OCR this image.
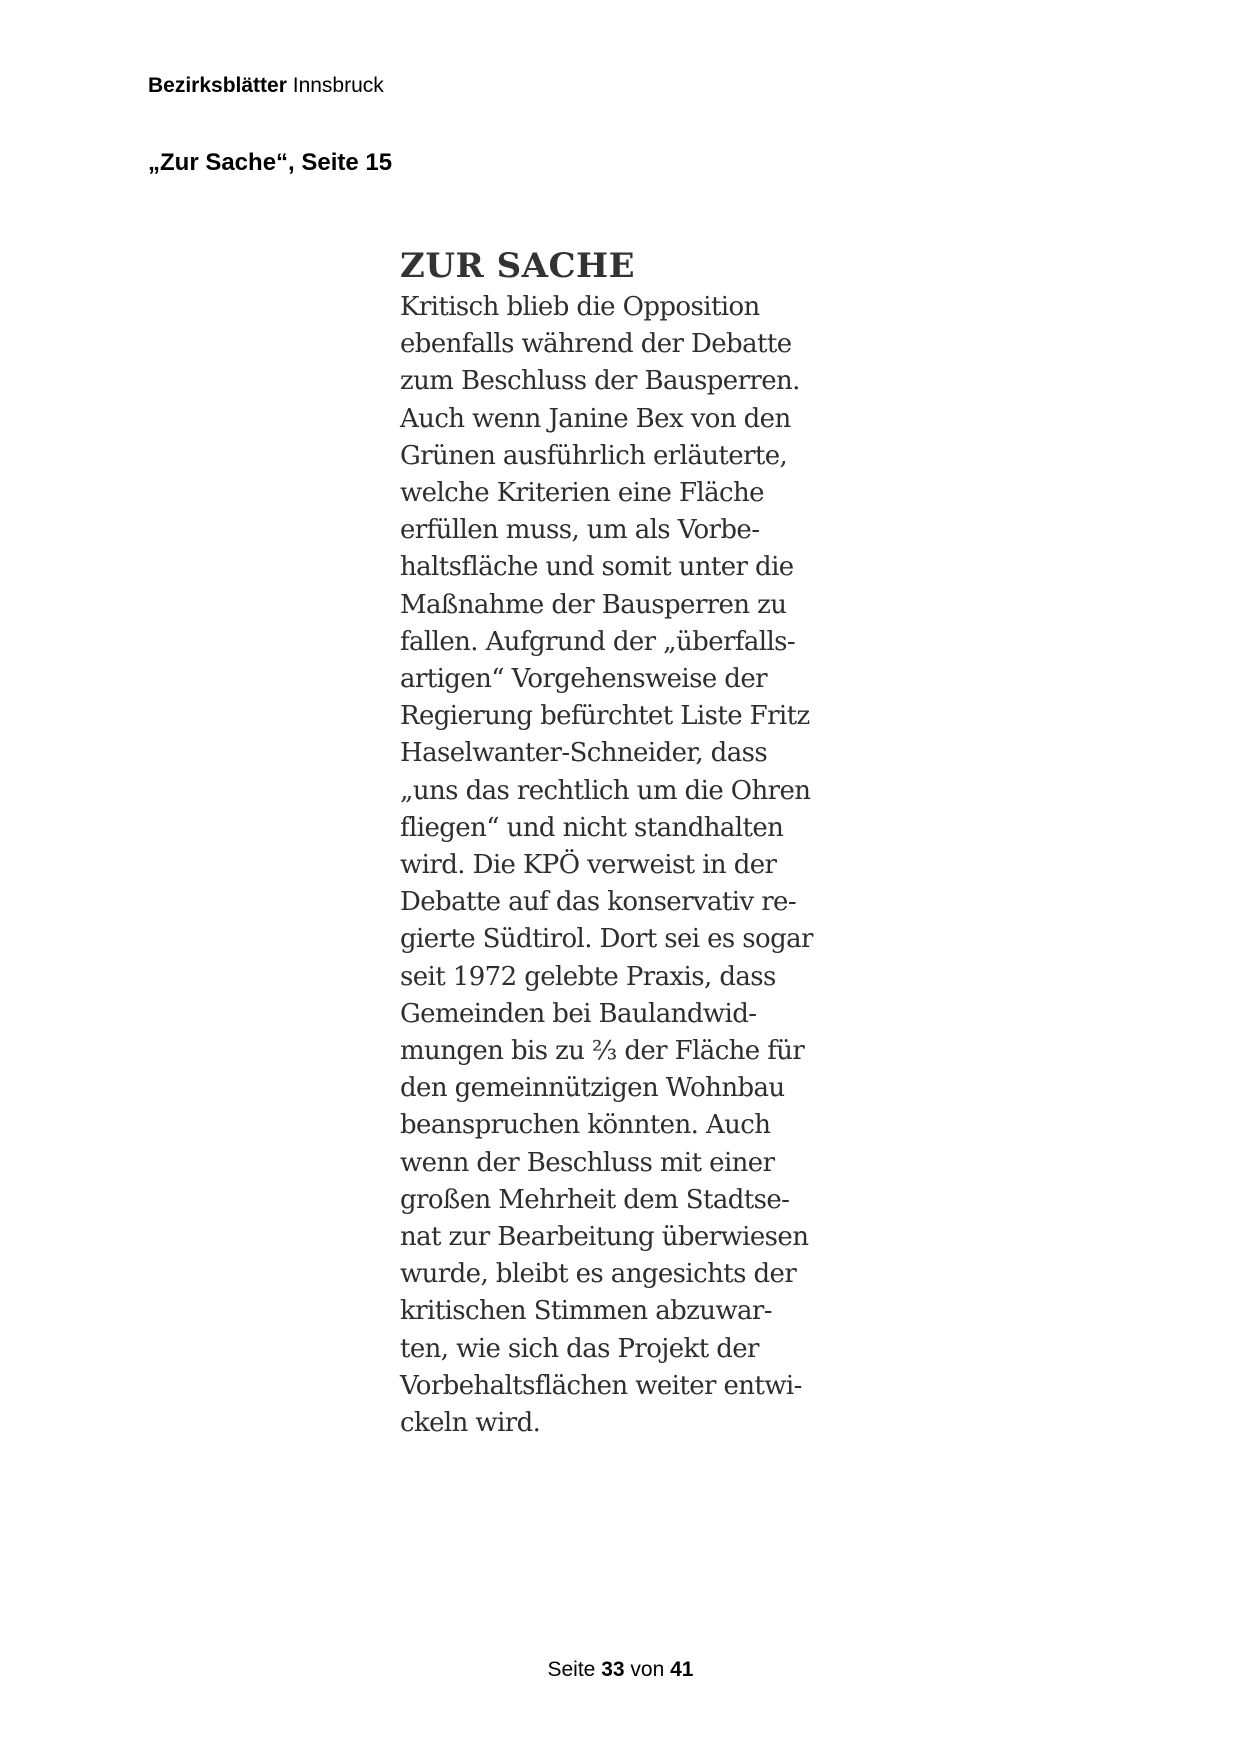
Bezirksblätter Innsbruck
„Zur Sache“, Seite 15
ZUR SACHE
Kritisch blieb die Opposition
ebenfalls während der Debatte
zum Beschluss der Bausperren.
Auch wenn Janine Bex von den
Grünen ausführlich erläuterte,
welche Kriterien eine Fläche
erfüllen muss, um als Vorbe-
haltsfläche und somit unter die
Maßnahme der Bausperren zu
fallen. Aufgrund der „überfalls-
artigen“ Vorgehensweise der
Regierung befürchtet Liste Fritz
Haselwanter-Schneider, dass
„uns das rechtlich um die Ohren
fliegen“ und nicht standhalten
wird. Die KPÖ verweist in der
Debatte auf das konservativ re-
gierte Südtirol. Dort sei es sogar
seit 1972 gelebte Praxis, dass
Gemeinden bei Baulandwid-
mungen bis zu ⅔ der Fläche für
den gemeinnützigen Wohnbau
beanspruchen könnten. Auch
wenn der Beschluss mit einer
großen Mehrheit dem Stadtse-
nat zur Bearbeitung überwiesen
wurde, bleibt es angesichts der
kritischen Stimmen abzuwar-
ten, wie sich das Projekt der
Vorbehaltsflächen weiter entwi-
ckeln wird.
Seite 33 von 41
